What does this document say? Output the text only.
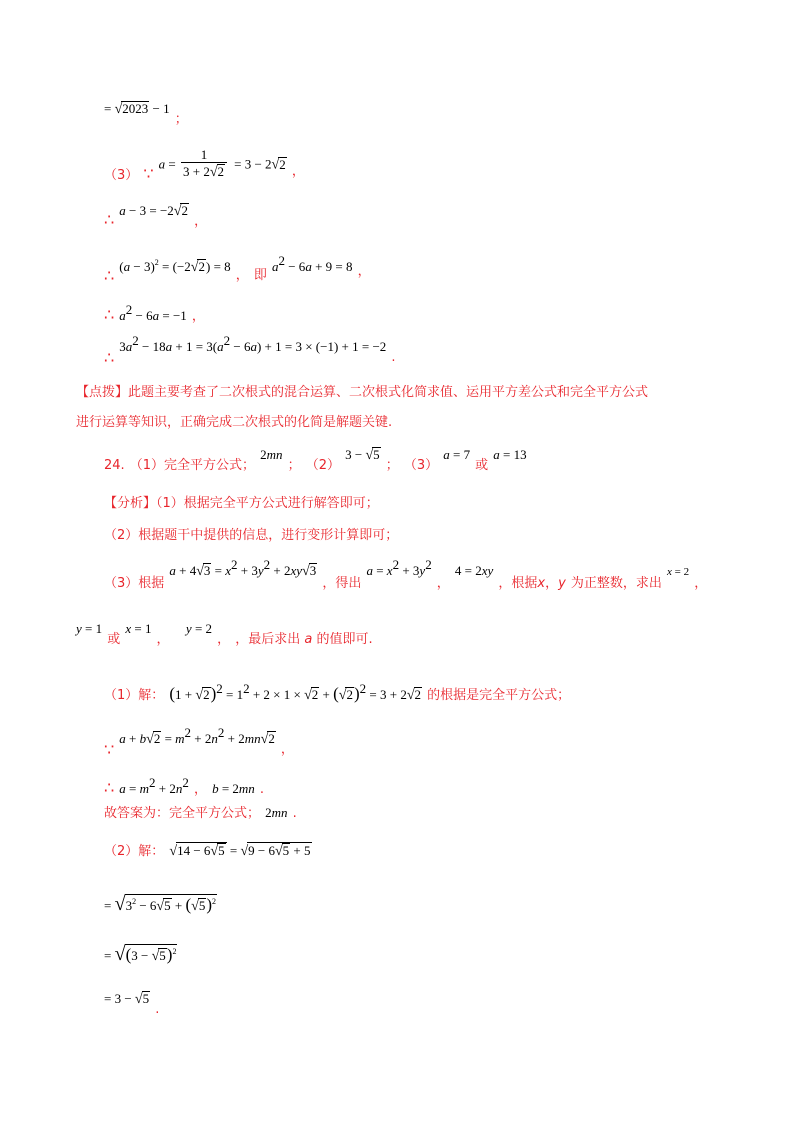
= √2023 − 1 $_;$
$_{(3)}$ ∵ $a = \frac{1}{3 + 2√2} = 3 - 2√2$ $_,$
∴ a − 3 = −2√2 $_,$
∴ $(a - 3)^2 = (-2√2) = 8$ $_,$ $_即$ $a^2 - 6a + 9 = 8$ $_,$
∴ $a^2 - 6a = -1$ ，
∴ $3a^2 - 18a + 1 = 3(a^2 - 6a) + 1 = 3 \times (-1) + 1 = -2$ $_.$
【点拨】此题主要考查了二次根式的混合运算、二次根式化简求值、运用平方差公式和完全平方公式
进行运算等知识，正确完成二次根式的化简是解题关键.
$_{24.}$ $_{(1)完全平方公式;}$ 2mn $_;$ $_{(2)}$ 3 − √5 $_;$ $_{(3)}$ a = 7 $_或$ a = 13
【分析】（1）根据完全平方公式进行解答即可；
（2）根据题干中提供的信息，进行变形计算即可；
$_{(3)根据}$ $a + 4√3 = x^2 + 3y^2 + 2xy√3$ $_{,得出}$ $a = x^2 + 3y^2$ $_,$ 4 = 2xy $_{,根据x,y}$ $_{为正整数,求出}$ x = 2 $_,$
y = 1 $_或$ x = 1 $_,$  y = 2 $_,$ $_{,最后求出}$ $_a$ $_{的值即可.}$
（1）解： $(1 + √2)^2 = 1^2 + 2 \times 1 \times √2 + (√2)^2 = 3 + 2√2$ 的根据是完全平方公式；
∵ $a + b√2 = m^2 + 2n^2 + 2mn√2$ $_,$
∴ $a = m^2 + 2n^2$ ， b = 2mn .
故答案为：完全平方公式； 2mn .
（2）解： √14 − 6√5 = √9 − 6√5 + 5
= $√3^2 - 6√5 + (√5)^2$
= $√(3 - √5)^2$
= 3 − √5 $_.$
